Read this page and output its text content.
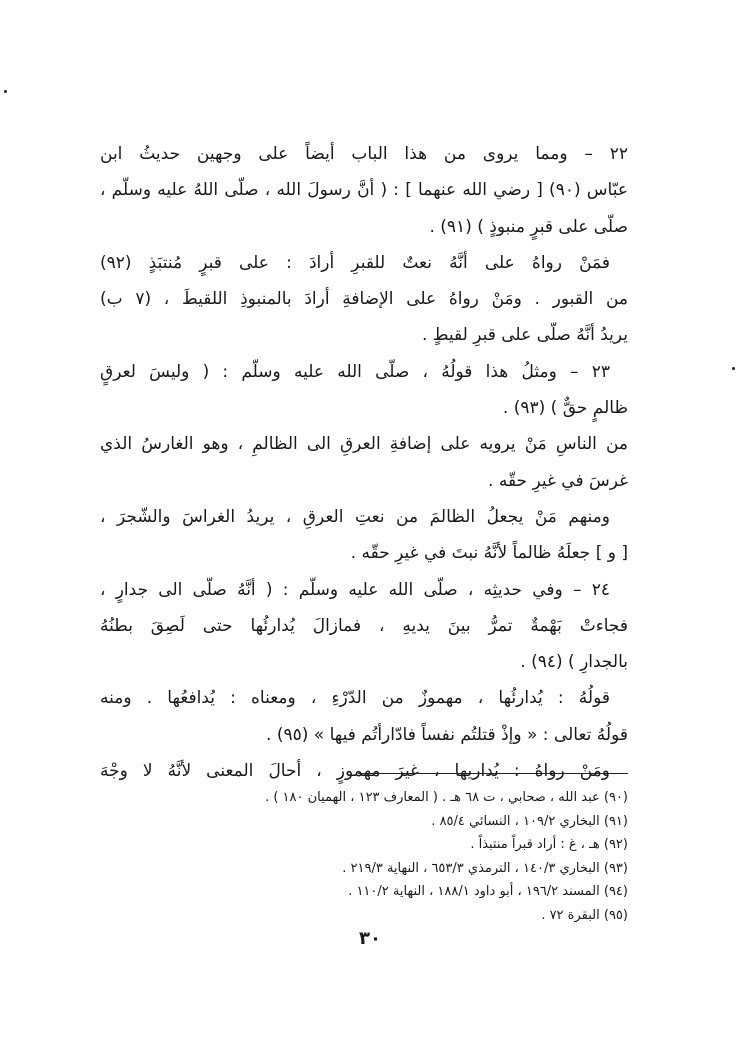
٢٢ – ومما يروى من هذا الباب أيضاً على وجهين حديثُ ابن
عبّاس (٩٠) [ رضي الله عنهما ] : ( أنَّ رسولَ الله ، صلّى اللهُ عليه وسلّم ،
صلّى على قبرٍ منبوذٍ ) (٩١) .
فمَنْ رواهُ على أنَّهُ نعتٌ للقبرِ أرادَ : على قبرٍ مُنتبَذٍ (٩٢)
من القبور . ومَنْ رواهُ على الإضافةِ أرادَ بالمنبوذِ اللقيطَ ، (٧ ب)
يريدُ أنَّهُ صلّى على قبرِ لقيطٍ .
٢٣ – ومثلُ هذا قولُهُ ، صلّى الله عليه وسلّم : ( وليسَ لعرقٍ
ظالمٍ حقٌّ ) (٩٣) .
من الناسِ مَنْ يرويه على إضافةِ العرقِ الى الظالمِ ، وهو الغارسُ الذي
غرسَ في غيرِ حقّه .
ومنهم مَنْ يجعلُ الظالمَ من نعتِ العرقِ ، يريدُ الغراسَ والشّجرَ ،
[ و ] جعلَهُ ظالماً لأنَّهُ نبتَ في غيرِ حقّه .
٢٤ – وفي حديثِه ، صلّى الله عليه وسلّم : ( أنَّهُ صلّى الى جدارٍ ،
فجاءتْ بَهْمةٌ تمرُّ بينَ يديهِ ، فمازالَ يُدارئُها حتى لَصِقَ بطنُهُ
بالجدارِ ) (٩٤) .
قولُهُ : يُدارئُها ، مهموزٌ من الدّرْءِ ، ومعناه : يُدافعُها . ومنه
قولُهُ تعالى : « وإذْ قتلتُم نفساً فادّارأتُم فيها » (٩٥) .
ومَنْ رواهُ : يُداريها ، غيرَ مهموزٍ ، أحالَ المعنى لأنَّهُ لا وجْهَ
(٩٠) عبد الله ، صحابي ، ت ٦٨ هـ . ( المعارف ١٢٣ ، الهميان ١٨٠ ) .
(٩١) البخاري ١٠٩/٢ ، النسائي ٨٥/٤ .
(٩٢) هـ ، غ : أراد قبراً منتبذاً .
(٩٣) البخاري ١٤٠/٣ ، الترمذي ٦٥٣/٣ ، النهاية ٢١٩/٣ .
(٩٤) المسند ١٩٦/٢ ، أبو داود ١٨٨/١ ، النهاية ١١٠/٢ .
(٩٥) البقرة ٧٢ .
٣٠
